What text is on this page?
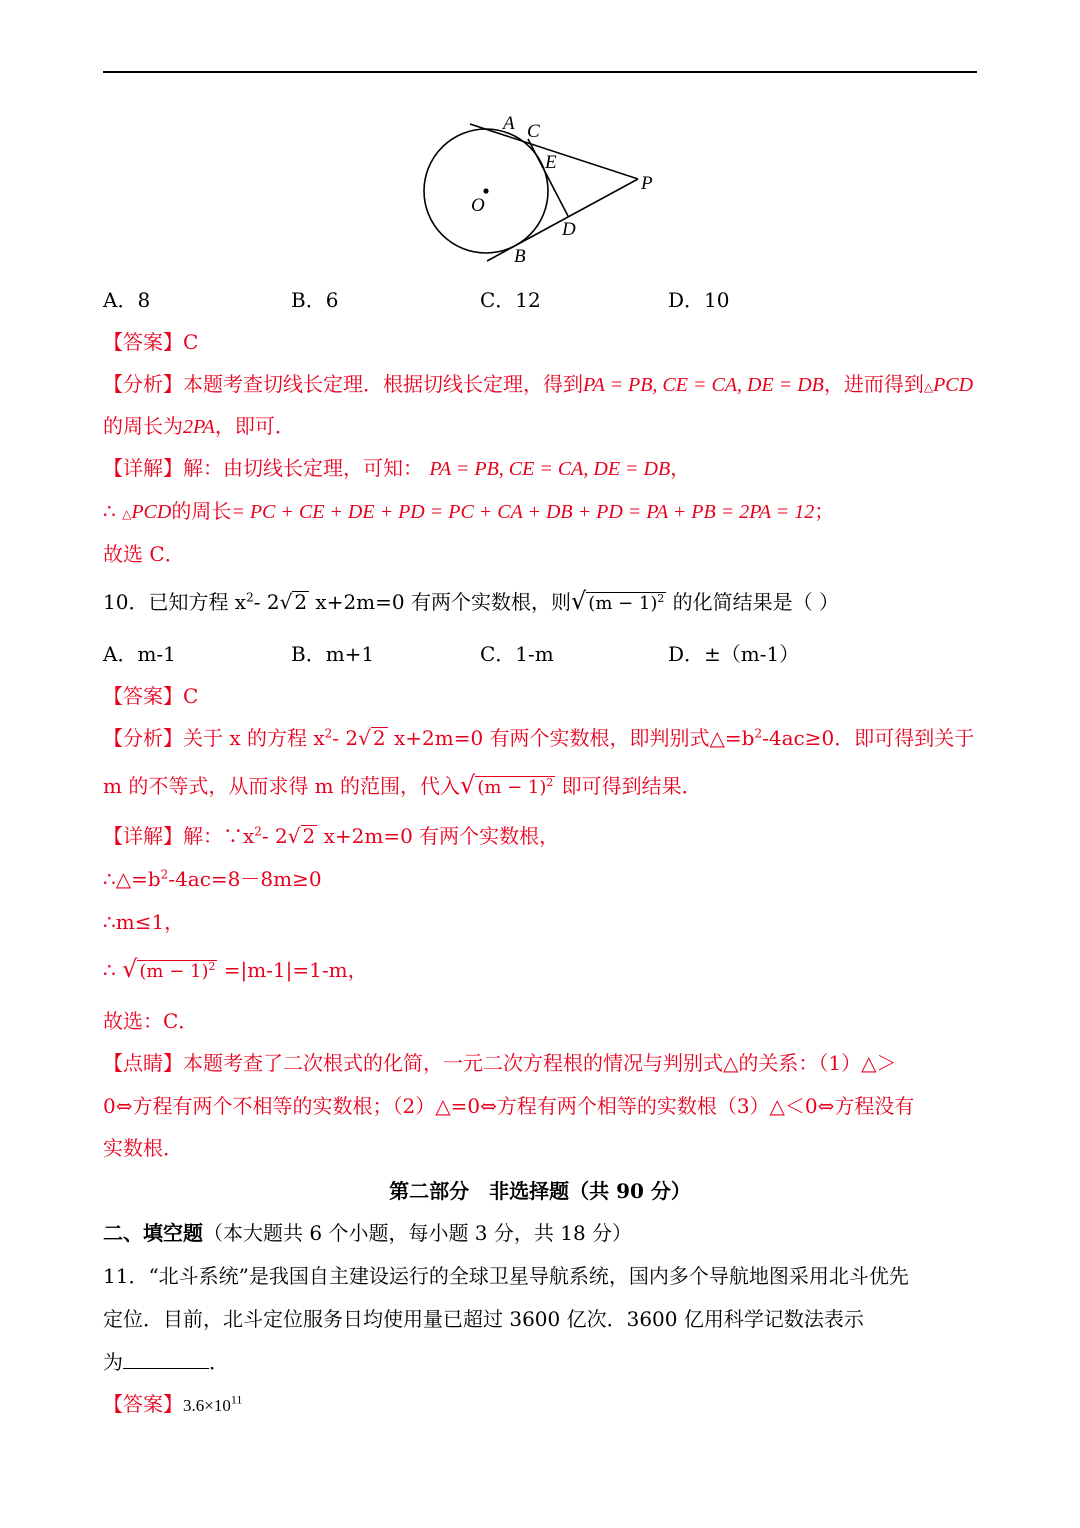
A C
E
P
O
D
B
A．8	B．6	C．12	D．10
【答案】C
【分析】本题考查切线长定理．根据切线长定理，得到PA = PB, CE = CA, DE = DB，进而得到△PCD
的周长为2PA，即可．
【详解】解：由切线长定理，可知： PA = PB, CE = CA, DE = DB，
∴ △PCD的周长= PC + CE + DE + PD = PC + CA + DB + PD = PA + PB = 2PA = 12；
故选 C．
10．已知方程 $x^2-$ 2√ 2 x+2m=0 有两个实数根，则√ $(m - 1)^2$ 的化简结果是（ ）
A．m-1	B．m+1	C．1-m	D．±（m-1）
【答案】C
【分析】关于 x 的方程 $x^2-$ 2√ 2 x+2m=0 有两个实数根，即判别式$\triangle=b^2-4ac\ge 0$．即可得到关于
m 的不等式，从而求得 m 的范围，代入√ $(m - 1)^2$ 即可得到结果．
【详解】解：$\because x^2-$ 2√ 2 x+2m=0 有两个实数根，
$\therefore\triangle=b^2-4ac=8-8m\ge 0$
∴m≤1，
∴ √ $(m - 1)^2 =|m-1|=1-m$，
故选：C．
【点睛】本题考查了二次根式的化简，一元二次方程根的情况与判别式△的关系：（1）△＞
0⇔方程有两个不相等的实数根；（2）△=0⇔方程有两个相等的实数根（3）△＜0⇔方程没有
实数根．
第二部分　非选择题（共 90 分）
二、填空题（本大题共 6 个小题，每小题 3 分，共 18 分）
11．“北斗系统”是我国自主建设运行的全球卫星导航系统，国内多个导航地图采用北斗优先
定位．目前，北斗定位服务日均使用量已超过 3600 亿次．3600 亿用科学记数法表示
为	．
【答案】$3.6\times 10^{11}$
